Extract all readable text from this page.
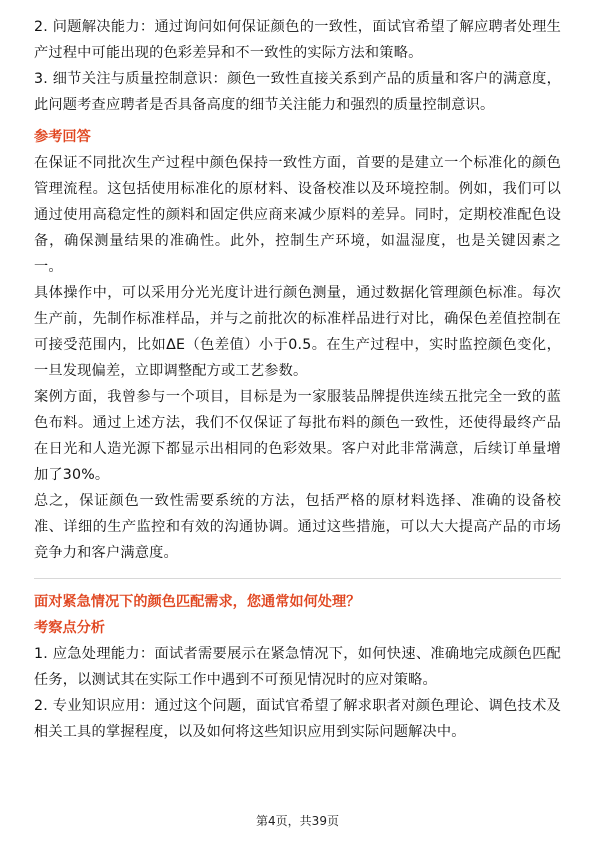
2. 问题解决能力：通过询问如何保证颜色的一致性，面试官希望了解应聘者处理生产过程中可能出现的色彩差异和不一致性的实际方法和策略。

3. 细节关注与质量控制意识：颜色一致性直接关系到产品的质量和客户的满意度，此问题考查应聘者是否具备高度的细节关注能力和强烈的质量控制意识。

参考回答

在保证不同批次生产过程中颜色保持一致性方面，首要的是建立一个标准化的颜色管理流程。这包括使用标准化的原材料、设备校准以及环境控制。例如，我们可以通过使用高稳定性的颜料和固定供应商来减少原料的差异。同时，定期校准配色设备，确保测量结果的准确性。此外，控制生产环境，如温湿度，也是关键因素之一。

具体操作中，可以采用分光光度计进行颜色测量，通过数据化管理颜色标准。每次生产前，先制作标准样品，并与之前批次的标准样品进行对比，确保色差值控制在可接受范围内，比如ΔE（色差值）小于0.5。在生产过程中，实时监控颜色变化，一旦发现偏差，立即调整配方或工艺参数。

案例方面，我曾参与一个项目，目标是为一家服装品牌提供连续五批完全一致的蓝色布料。通过上述方法，我们不仅保证了每批布料的颜色一致性，还使得最终产品在日光和人造光源下都显示出相同的色彩效果。客户对此非常满意，后续订单量增加了30%。

总之，保证颜色一致性需要系统的方法，包括严格的原材料选择、准确的设备校准、详细的生产监控和有效的沟通协调。通过这些措施，可以大大提高产品的市场竞争力和客户满意度。

面对紧急情况下的颜色匹配需求，您通常如何处理？

考察点分析

1. 应急处理能力：面试者需要展示在紧急情况下，如何快速、准确地完成颜色匹配任务，以测试其在实际工作中遇到不可预见情况时的应对策略。

2. 专业知识应用：通过这个问题，面试官希望了解求职者对颜色理论、调色技术及相关工具的掌握程度，以及如何将这些知识应用到实际问题解决中。

第4页，共39页
